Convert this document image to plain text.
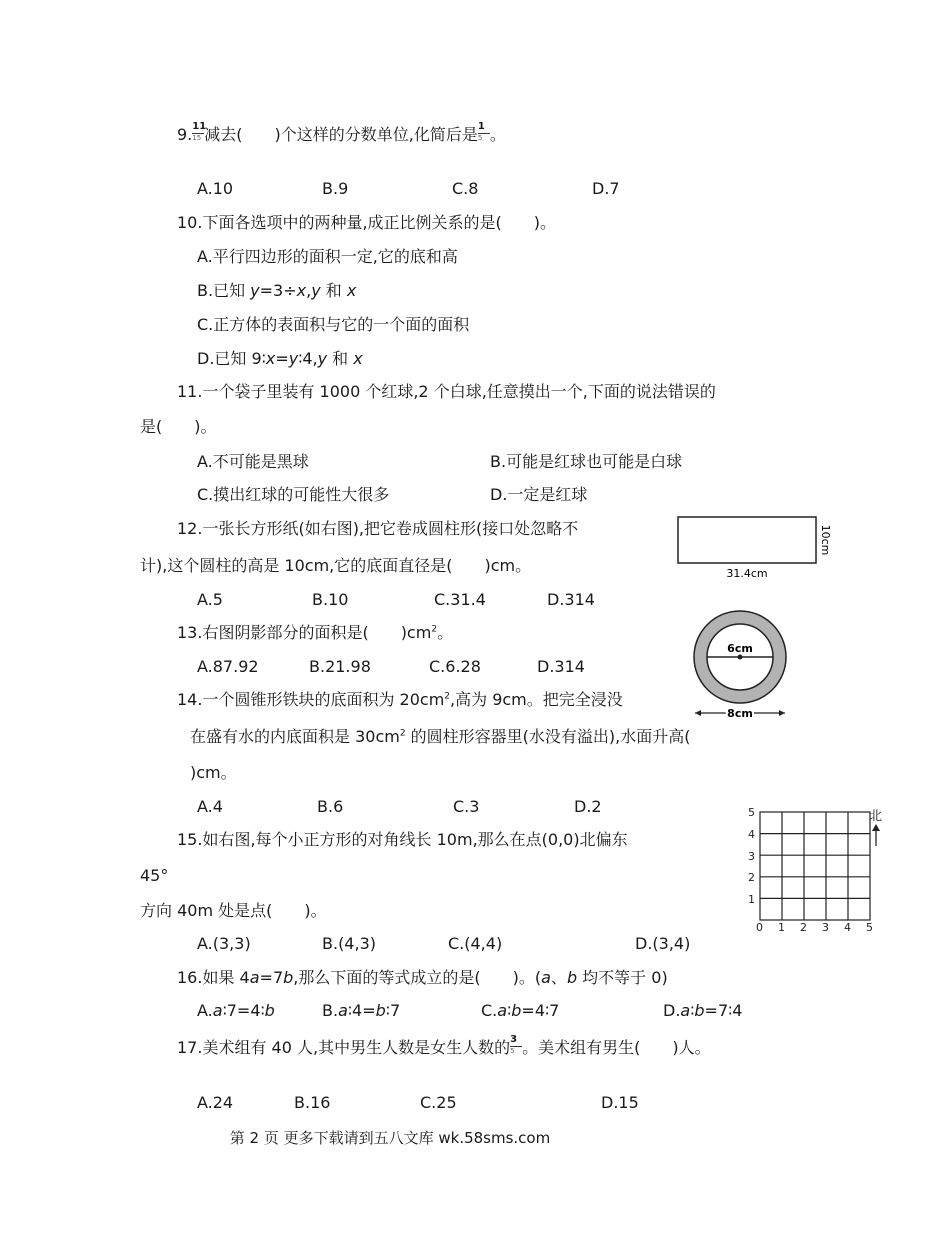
9. $\frac{11}{15}$ 减去(　　)个这样的分数单位,化简后是 $\frac{1}{5}$ 。
A.10	B.9	C.8	D.7
10.下面各选项中的两种量,成正比例关系的是(　　)。
A.平行四边形的面积一定,它的底和高
B.已知 y=3÷x,y 和 x
C.正方体的表面积与它的一个面的面积
D.已知 9∶x=y∶4,y 和 x
11.一个袋子里装有 1000 个红球,2 个白球,任意摸出一个,下面的说法错误的
是(　　)。
A.不可能是黑球	B.可能是红球也可能是白球
C.摸出红球的可能性大很多	D.一定是红球
12.一张长方形纸(如右图),把它卷成圆柱形(接口处忽略不
计),这个圆柱的高是 10cm,它的底面直径是(　　)cm。
A.5	B.10	C.31.4	D.314
10cm
31.4cm
13.右图阴影部分的面积是(　　)$cm^2$。
A.87.92	B.21.98	C.6.28	D.314
6cm
8cm
14.一个圆锥形铁块的底面积为 $20cm^2$,高为 9cm。把完全浸没
在盛有水的内底面积是 $30cm^2$ 的圆柱形容器里(水没有溢出),水面升高(
)cm。
A.4	B.6	C.3	D.2
15.如右图,每个小正方形的对角线长 10m,那么在点(0,0)北偏东
45°
方向 40m 处是点(　　)。
A.(3,3)	B.(4,3)	C.(4,4)	D.(3,4)
5
4
3
2
1
0 1 2 3 4 5
北
16.如果 4a=7b,那么下面的等式成立的是(　　)。(a、b 均不等于 0)
A.a∶7=4∶b	B.a∶4=b∶7	C.a∶b=4∶7	D.a∶b=7∶4
17.美术组有 40 人,其中男生人数是女生人数的 $\frac{3}{5}$ 。美术组有男生(　　)人。
A.24	B.16	C.25	D.15
第 2 页 更多下载请到五八文库 wk.58sms.com
